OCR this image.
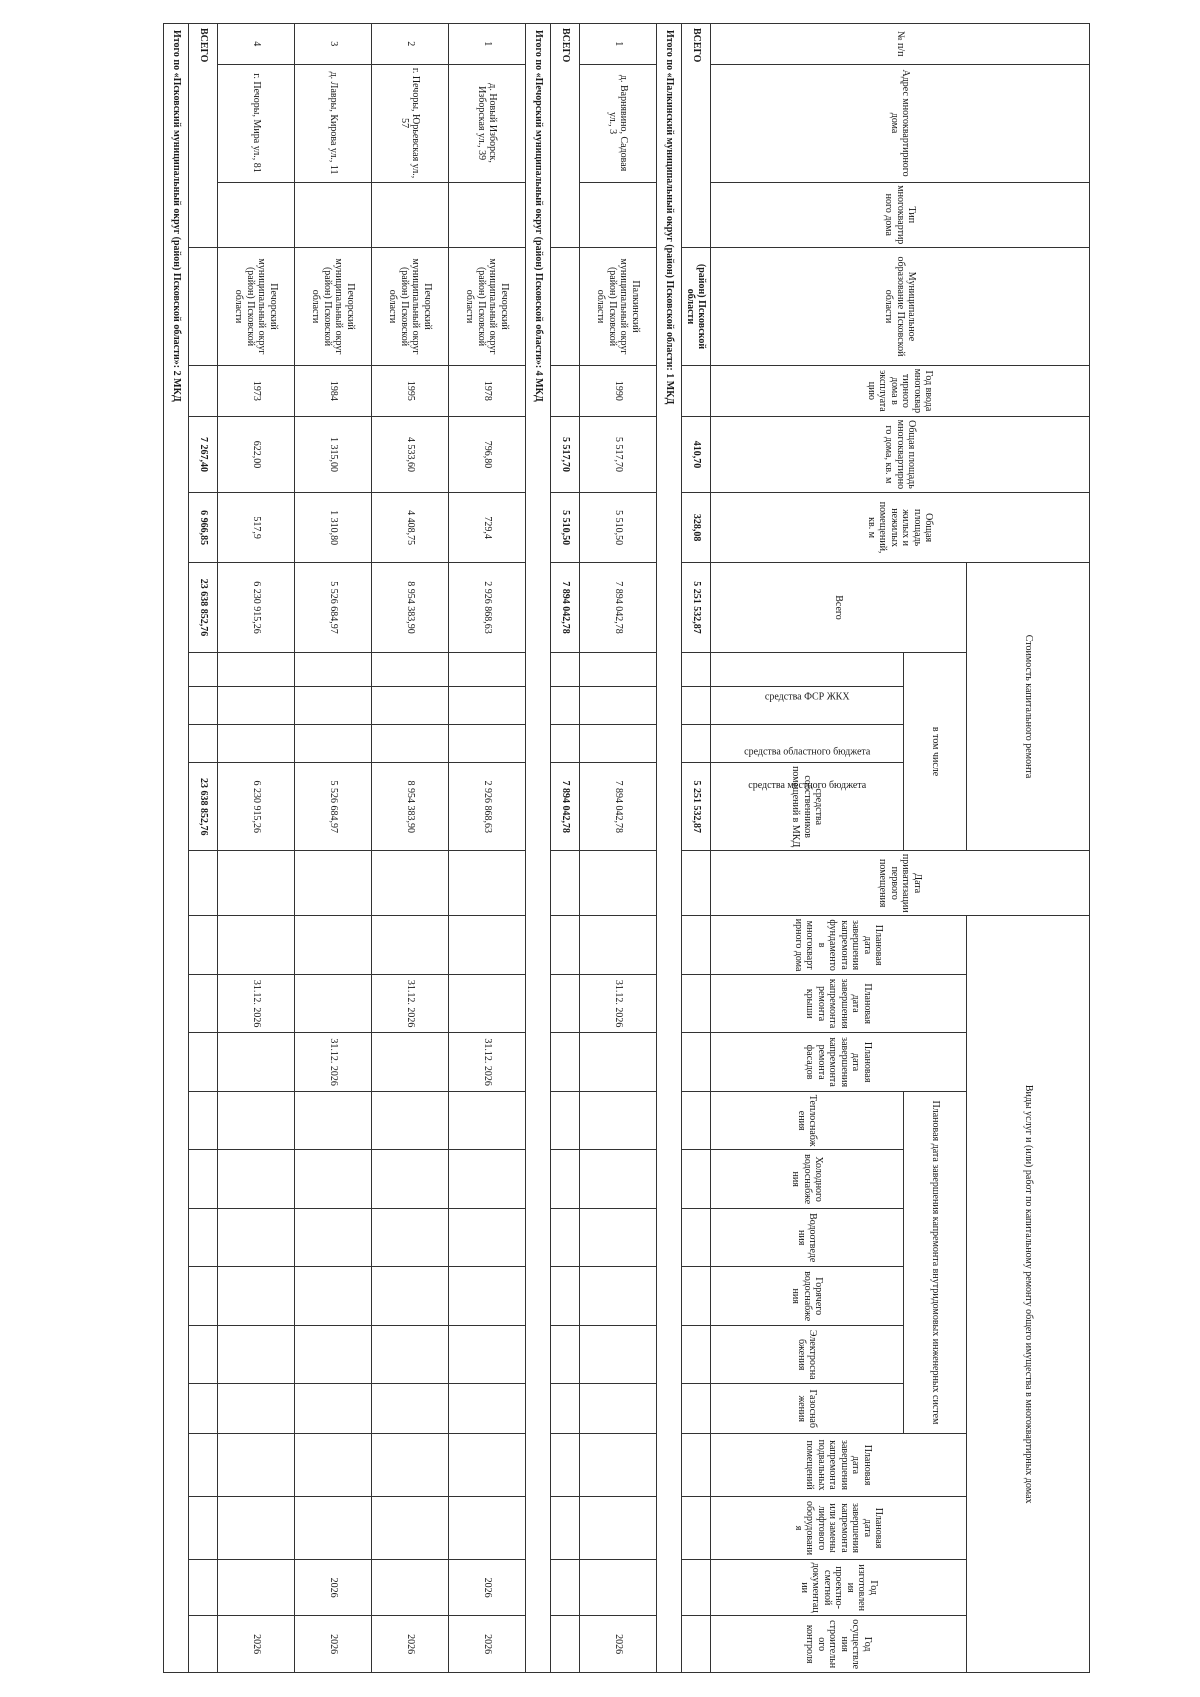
№ п/п	Адрес многоквартирного дома	Тип многоквартирного дома	Муниципальное образование Псковской области	Год ввода многоквартирного дома в эксплуатацию	Общая площадь многоквартирного дома, кв. м	Общая площадь жилых и нежилых помещений, кв. м	Стоимость капитального ремонта					Дата приватизации первого помещения	Виды услуг и (или) работ по капитальному ремонту общего имущества в многоквартирных домах												
							Всего	в том числе					Плановая дата завершения капремонта фундаментов многоквартирного дома	Плановая дата завершения капремонта ремонта крыши	Плановая дата завершения капремонта ремонта фасадов	Плановая дата завершения капремонта внутридомовых инженерных систем						Плановая дата завершения капремонта подвальных помещений	Плановая дата завершения капремонта или замены лифтового оборудования	Год изготовления проектно-сметной документации	Год осуществления строительного контроля
								средства ФСР ЖКХ	средства областного бюджета	средства местного бюджета	средства собственников помещений в МКД					Теплоснабжения	Холодного водоснабжения	Водоотведения	Горячего водоснабжения	Электроснабжения	Газоснабжения				
ВСЕГО			(район) Псковской области		410,70	328,08	5 251 532,87				5 251 532,87														
Итого по «Палкинский муниципальный округ (район) Псковской области: 1 МКД																									
1	д. Варнявино, Садовая ул., 3		Палкинский муниципальный округ (район) Псковской области	1990	5 517,70	5 510,50	7 894 042,78				7 894 042,78			31.12. 2026											2026
ВСЕГО					5 517,70	5 510,50	7 894 042,78				7 894 042,78														
Итого по «Печорский муниципальный округ (район) Псковской области»: 4 МКД																									
1	д. Новый Изборск, Изборская ул., 39		Печорский муниципальный округ (район) Псковской области	1978	796,80	729,4	2 926 868,63				2 926 868,63				31.12. 2026									2026	2026
2	г. Печоры, Юрьевская ул., 57		Печорский муниципальный округ (район) Псковской области	1995	4 533,60	4 408,75	8 954 383,90				8 954 383,90			31.12. 2026											2026
3	д. Лавры, Кирова ул., 11		Печорский муниципальный округ (район) Псковской области	1984	1 315,00	1 310,80	5 526 684,97				5 526 684,97				31.12. 2026									2026	2026
4	г. Печоры, Мира ул., 81		Печорский муниципальный округ (район) Псковской области	1973	622,00	517,9	6 230 915,26				6 230 915,26			31.12. 2026											2026
ВСЕГО					7 267,40	6 966,85	23 638 852,76				23 638 852,76														
Итого по «Псковский муниципальный округ (район) Псковской области»: 2 МКД																									
